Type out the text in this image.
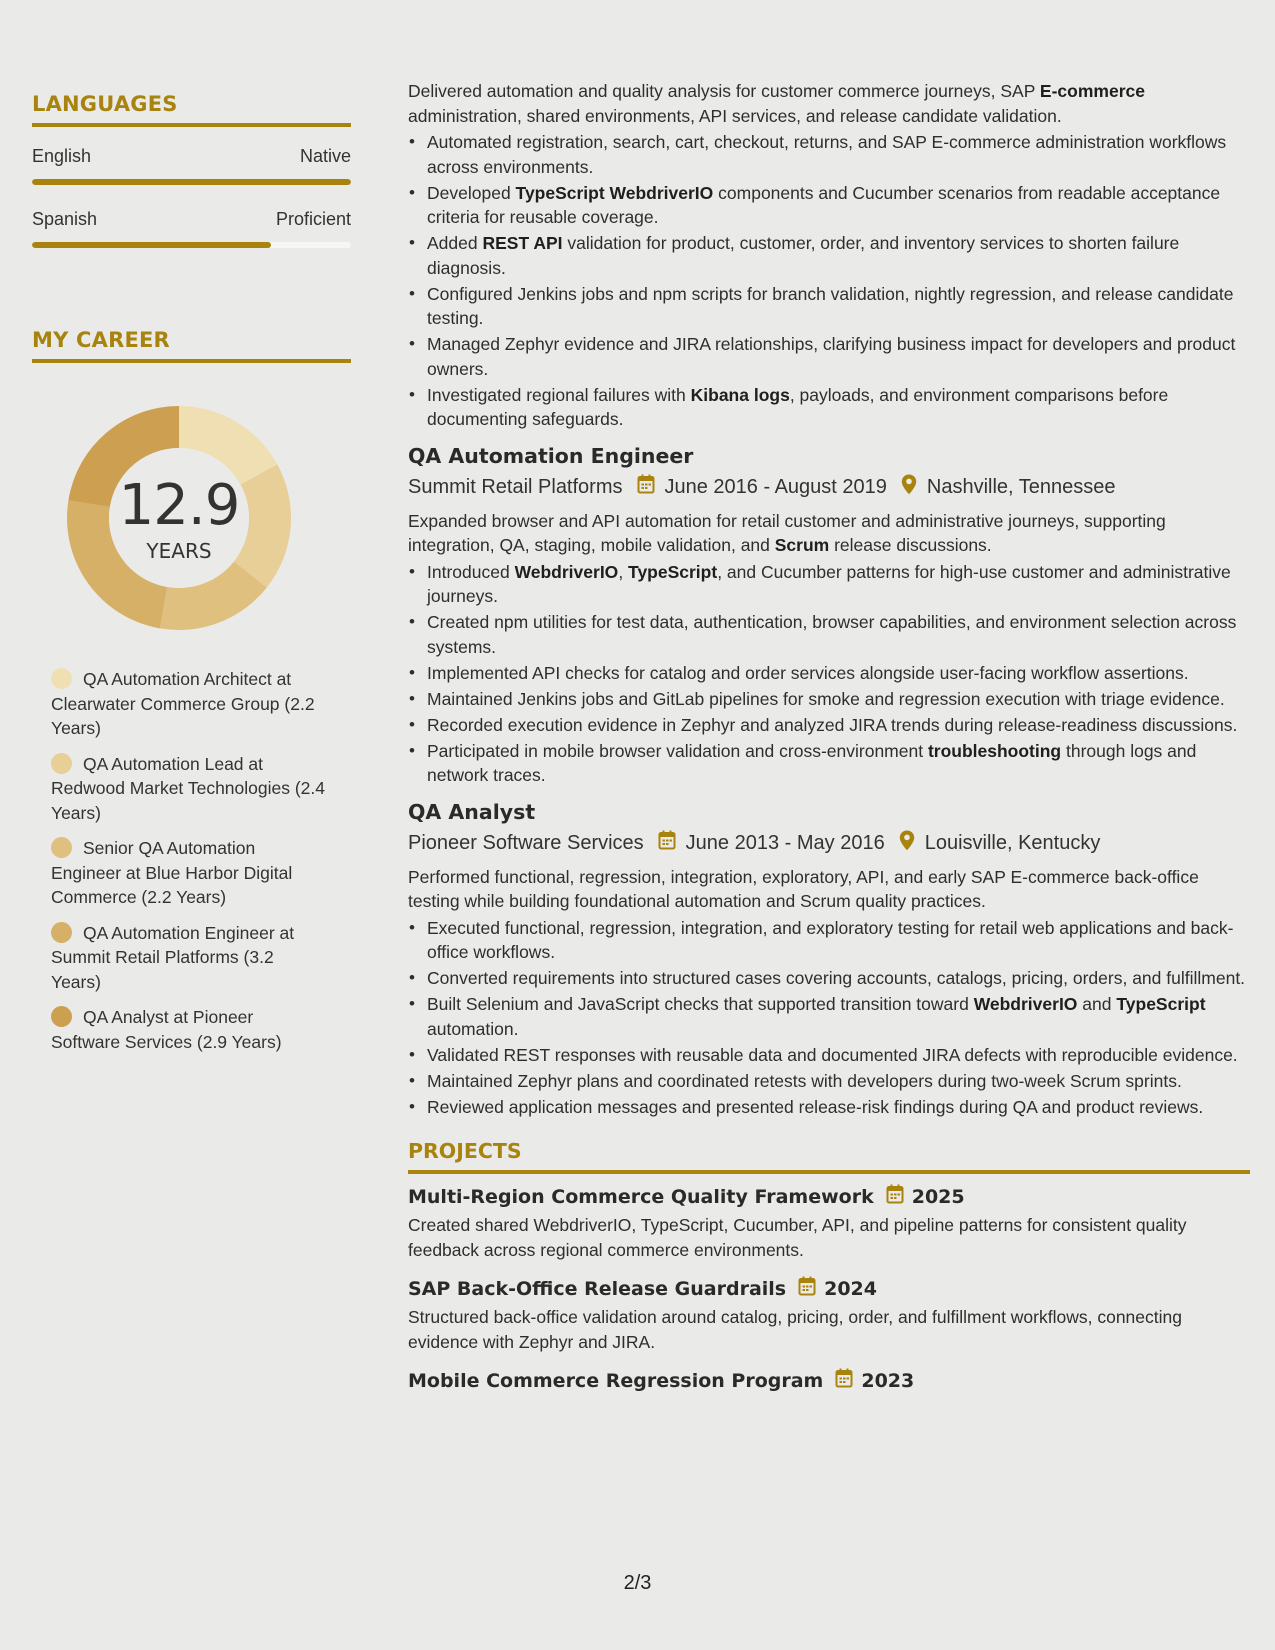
LANGUAGES
English	Native
Spanish	Proficient
MY CAREER
12.9
YEARS
QA Automation Architect at Clearwater Commerce Group (2.2 Years)
QA Automation Lead at Redwood Market Technologies (2.4 Years)
Senior QA Automation Engineer at Blue Harbor Digital Commerce (2.2 Years)
QA Automation Engineer at Summit Retail Platforms (3.2 Years)
QA Analyst at Pioneer Software Services (2.9 Years)
Delivered automation and quality analysis for customer commerce journeys, SAP E-commerce administration, shared environments, API services, and release candidate validation.
• Automated registration, search, cart, checkout, returns, and SAP E-commerce administration workflows across environments.
• Developed TypeScript WebdriverIO components and Cucumber scenarios from readable acceptance criteria for reusable coverage.
• Added REST API validation for product, customer, order, and inventory services to shorten failure diagnosis.
• Configured Jenkins jobs and npm scripts for branch validation, nightly regression, and release candidate testing.
• Managed Zephyr evidence and JIRA relationships, clarifying business impact for developers and product owners.
• Investigated regional failures with Kibana logs, payloads, and environment comparisons before documenting safeguards.
QA Automation Engineer
Summit Retail Platforms June 2016 - August 2019 Nashville, Tennessee
Expanded browser and API automation for retail customer and administrative journeys, supporting integration, QA, staging, mobile validation, and Scrum release discussions.
• Introduced WebdriverIO, TypeScript, and Cucumber patterns for high-use customer and administrative journeys.
• Created npm utilities for test data, authentication, browser capabilities, and environment selection across systems.
• Implemented API checks for catalog and order services alongside user-facing workflow assertions.
• Maintained Jenkins jobs and GitLab pipelines for smoke and regression execution with triage evidence.
• Recorded execution evidence in Zephyr and analyzed JIRA trends during release-readiness discussions.
• Participated in mobile browser validation and cross-environment troubleshooting through logs and network traces.
QA Analyst
Pioneer Software Services June 2013 - May 2016 Louisville, Kentucky
Performed functional, regression, integration, exploratory, API, and early SAP E-commerce back-office testing while building foundational automation and Scrum quality practices.
• Executed functional, regression, integration, and exploratory testing for retail web applications and back-office workflows.
• Converted requirements into structured cases covering accounts, catalogs, pricing, orders, and fulfillment.
• Built Selenium and JavaScript checks that supported transition toward WebdriverIO and TypeScript automation.
• Validated REST responses with reusable data and documented JIRA defects with reproducible evidence.
• Maintained Zephyr plans and coordinated retests with developers during two-week Scrum sprints.
• Reviewed application messages and presented release-risk findings during QA and product reviews.
PROJECTS
Multi-Region Commerce Quality Framework 2025
Created shared WebdriverIO, TypeScript, Cucumber, API, and pipeline patterns for consistent quality feedback across regional commerce environments.
SAP Back-Office Release Guardrails 2024
Structured back-office validation around catalog, pricing, order, and fulfillment workflows, connecting evidence with Zephyr and JIRA.
Mobile Commerce Regression Program 2023
2/3
